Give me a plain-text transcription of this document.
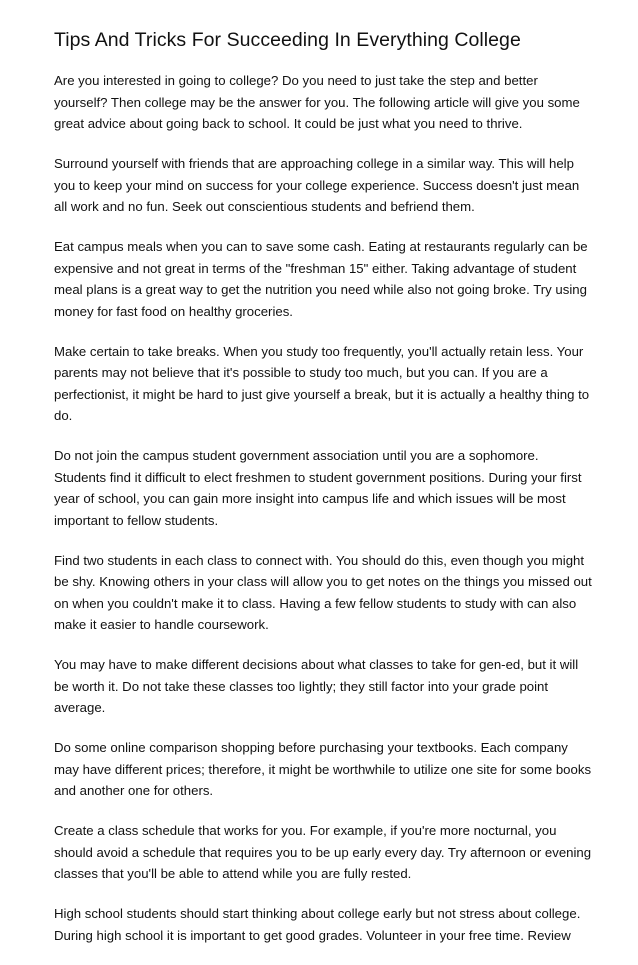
Tips And Tricks For Succeeding In Everything College

Are you interested in going to college? Do you need to just take the step and better yourself? Then college may be the answer for you. The following article will give you some great advice about going back to school. It could be just what you need to thrive.

Surround yourself with friends that are approaching college in a similar way. This will help you to keep your mind on success for your college experience. Success doesn't just mean all work and no fun. Seek out conscientious students and befriend them.

Eat campus meals when you can to save some cash. Eating at restaurants regularly can be expensive and not great in terms of the "freshman 15" either. Taking advantage of student meal plans is a great way to get the nutrition you need while also not going broke. Try using money for fast food on healthy groceries.

Make certain to take breaks. When you study too frequently, you'll actually retain less. Your parents may not believe that it's possible to study too much, but you can. If you are a perfectionist, it might be hard to just give yourself a break, but it is actually a healthy thing to do.

Do not join the campus student government association until you are a sophomore. Students find it difficult to elect freshmen to student government positions. During your first year of school, you can gain more insight into campus life and which issues will be most important to fellow students.

Find two students in each class to connect with. You should do this, even though you might be shy. Knowing others in your class will allow you to get notes on the things you missed out on when you couldn't make it to class. Having a few fellow students to study with can also make it easier to handle coursework.

You may have to make different decisions about what classes to take for gen-ed, but it will be worth it. Do not take these classes too lightly; they still factor into your grade point average.

Do some online comparison shopping before purchasing your textbooks. Each company may have different prices; therefore, it might be worthwhile to utilize one site for some books and another one for others.

Create a class schedule that works for you. For example, if you're more nocturnal, you should avoid a schedule that requires you to be up early every day. Try afternoon or evening classes that you'll be able to attend while you are fully rested.

High school students should start thinking about college early but not stress about college. During high school it is important to get good grades. Volunteer in your free time. Review
